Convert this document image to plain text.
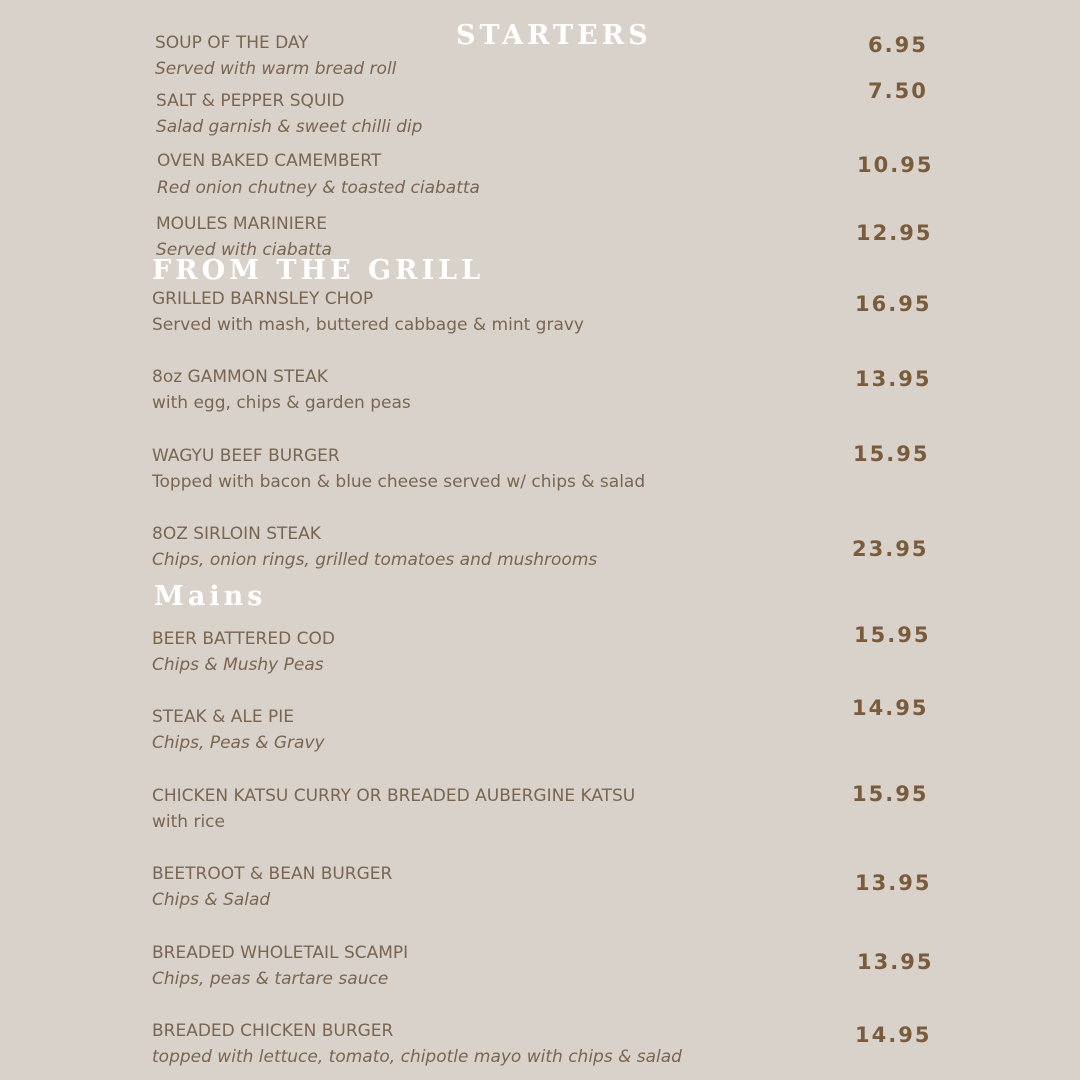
STARTERS
SOUP OF THE DAY
Served with warm bread roll
6.95
SALT & PEPPER SQUID
Salad garnish & sweet chilli dip
7.50
OVEN BAKED CAMEMBERT
Red onion chutney & toasted ciabatta
10.95
MOULES MARINIERE
Served with ciabatta
12.95
FROM THE GRILL
GRILLED BARNSLEY CHOP
Served with mash, buttered cabbage & mint gravy
16.95
8oz GAMMON STEAK
with egg, chips & garden peas
13.95
WAGYU BEEF BURGER
Topped with bacon & blue cheese served w/ chips & salad
15.95
8OZ SIRLOIN STEAK
Chips, onion rings, grilled tomatoes and mushrooms	23.95
Mains
BEER BATTERED COD
Chips & Mushy Peas
15.95
STEAK & ALE PIE
Chips, Peas & Gravy
14.95
CHICKEN KATSU CURRY OR BREADED AUBERGINE KATSU
with rice
15.95
BEETROOT & BEAN BURGER
Chips & Salad
13.95
BREADED WHOLETAIL SCAMPI
Chips, peas & tartare sauce
13.95
BREADED CHICKEN BURGER
topped with lettuce, tomato, chipotle mayo with chips & salad
14.95
